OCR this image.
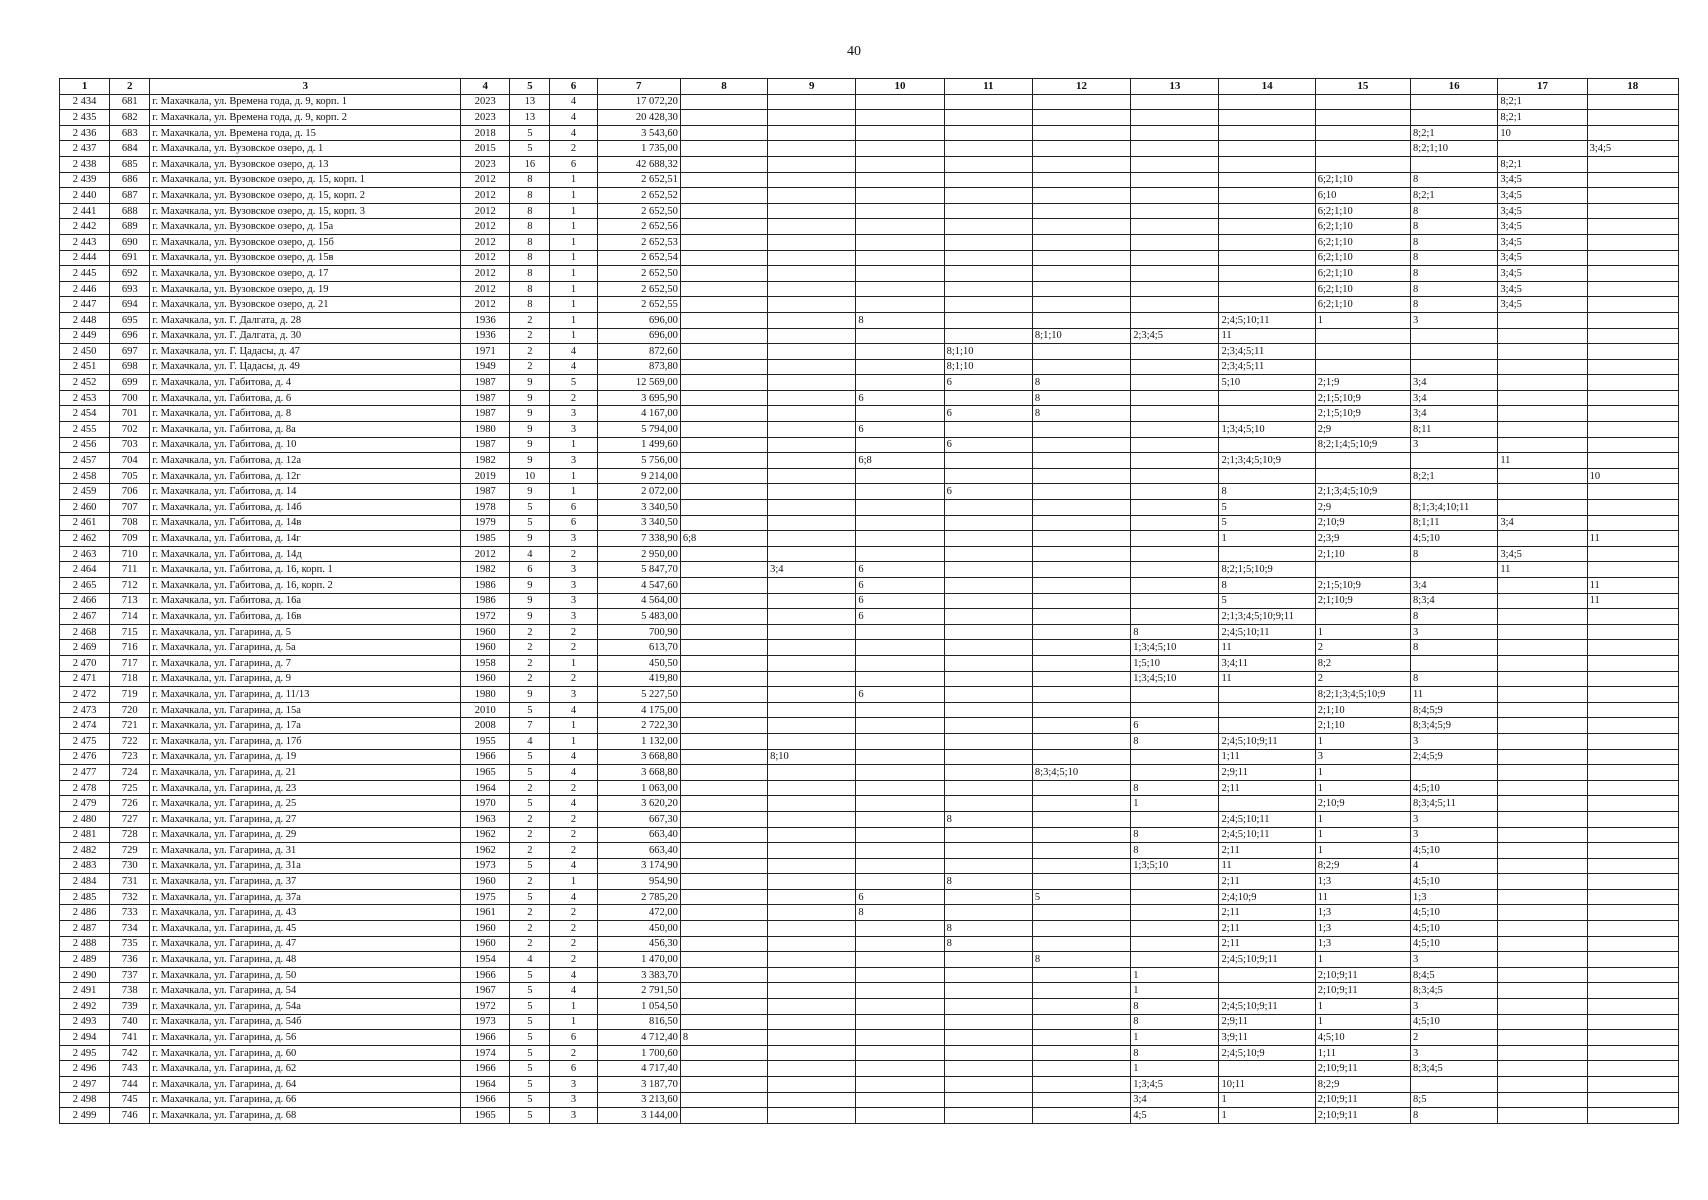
40
1	2	3	4	5	6	7	8	9	10	11	12	13	14	15	16	17	18
2 434	681	г. Махачкала, ул. Времена года, д. 9, корп. 1	2023	13	4	17 072,20										8;2;1	
2 435	682	г. Махачкала, ул. Времена года, д. 9, корп. 2	2023	13	4	20 428,30										8;2;1	
2 436	683	г. Махачкала, ул. Времена года, д. 15	2018	5	4	3 543,60									8;2;1	10	
2 437	684	г. Махачкала, ул. Вузовское озеро, д. 1	2015	5	2	1 735,00									8;2;1;10		3;4;5
2 438	685	г. Махачкала, ул. Вузовское озеро, д. 13	2023	16	6	42 688,32										8;2;1	
2 439	686	г. Махачкала, ул. Вузовское озеро, д. 15, корп. 1	2012	8	1	2 652,51								6;2;1;10	8	3;4;5	
2 440	687	г. Махачкала, ул. Вузовское озеро, д. 15, корп. 2	2012	8	1	2 652,52								6;10	8;2;1	3;4;5	
2 441	688	г. Махачкала, ул. Вузовское озеро, д. 15, корп. 3	2012	8	1	2 652,50								6;2;1;10	8	3;4;5	
2 442	689	г. Махачкала, ул. Вузовское озеро, д. 15а	2012	8	1	2 652,56								6;2;1;10	8	3;4;5	
2 443	690	г. Махачкала, ул. Вузовское озеро, д. 15б	2012	8	1	2 652,53								6;2;1;10	8	3;4;5	
2 444	691	г. Махачкала, ул. Вузовское озеро, д. 15в	2012	8	1	2 652,54								6;2;1;10	8	3;4;5	
2 445	692	г. Махачкала, ул. Вузовское озеро, д. 17	2012	8	1	2 652,50								6;2;1;10	8	3;4;5	
2 446	693	г. Махачкала, ул. Вузовское озеро, д. 19	2012	8	1	2 652,50								6;2;1;10	8	3;4;5	
2 447	694	г. Махачкала, ул. Вузовское озеро, д. 21	2012	8	1	2 652,55								6;2;1;10	8	3;4;5	
2 448	695	г. Махачкала, ул. Г. Далгата, д. 28	1936	2	1	696,00			8				2;4;5;10;11	1	3		
2 449	696	г. Махачкала, ул. Г. Далгата, д. 30	1936	2	1	696,00					8;1;10	2;3;4;5	11				
2 450	697	г. Махачкала, ул. Г. Цадасы, д. 47	1971	2	4	872,60				8;1;10			2;3;4;5;11				
2 451	698	г. Махачкала, ул. Г. Цадасы, д. 49	1949	2	4	873,80				8;1;10			2;3;4;5;11				
2 452	699	г. Махачкала, ул. Габитова, д. 4	1987	9	5	12 569,00				6	8		5;10	2;1;9	3;4		
2 453	700	г. Махачкала, ул. Габитова, д. 6	1987	9	2	3 695,90			6		8			2;1;5;10;9	3;4		
2 454	701	г. Махачкала, ул. Габитова, д. 8	1987	9	3	4 167,00				6	8			2;1;5;10;9	3;4		
2 455	702	г. Махачкала, ул. Габитова, д. 8а	1980	9	3	5 794,00			6				1;3;4;5;10	2;9	8;11		
2 456	703	г. Махачкала, ул. Габитова, д. 10	1987	9	1	1 499,60				6				8;2;1;4;5;10;9	3		
2 457	704	г. Махачкала, ул. Габитова, д. 12а	1982	9	3	5 756,00			6;8				2;1;3;4;5;10;9			11	
2 458	705	г. Махачкала, ул. Габитова, д. 12г	2019	10	1	9 214,00									8;2;1		10
2 459	706	г. Махачкала, ул. Габитова, д. 14	1987	9	1	2 072,00				6			8	2;1;3;4;5;10;9			
2 460	707	г. Махачкала, ул. Габитова, д. 14б	1978	5	6	3 340,50							5	2;9	8;1;3;4;10;11		
2 461	708	г. Махачкала, ул. Габитова, д. 14в	1979	5	6	3 340,50							5	2;10;9	8;1;11	3;4	
2 462	709	г. Махачкала, ул. Габитова, д. 14г	1985	9	3	7 338,90	6;8						1	2;3;9	4;5;10		11
2 463	710	г. Махачкала, ул. Габитова, д. 14д	2012	4	2	2 950,00								2;1;10	8	3;4;5	
2 464	711	г. Махачкала, ул. Габитова, д. 16, корп. 1	1982	6	3	5 847,70		3;4	6				8;2;1;5;10;9			11	
2 465	712	г. Махачкала, ул. Габитова, д. 16, корп. 2	1986	9	3	4 547,60			6				8	2;1;5;10;9	3;4		11
2 466	713	г. Махачкала, ул. Габитова, д. 16а	1986	9	3	4 564,00			6				5	2;1;10;9	8;3;4		11
2 467	714	г. Махачкала, ул. Габитова, д. 16в	1972	9	3	5 483,00			6				2;1;3;4;5;10;9;11		8		
2 468	715	г. Махачкала, ул. Гагарина, д. 5	1960	2	2	700,90						8	2;4;5;10;11	1	3		
2 469	716	г. Махачкала, ул. Гагарина, д. 5а	1960	2	2	613,70						1;3;4;5;10	11	2	8		
2 470	717	г. Махачкала, ул. Гагарина, д. 7	1958	2	1	450,50						1;5;10	3;4;11	8;2			
2 471	718	г. Махачкала, ул. Гагарина, д. 9	1960	2	2	419,80						1;3;4;5;10	11	2	8		
2 472	719	г. Махачкала, ул. Гагарина, д. 11/13	1980	9	3	5 227,50			6					8;2;1;3;4;5;10;9	11		
2 473	720	г. Махачкала, ул. Гагарина, д. 15а	2010	5	4	4 175,00								2;1;10	8;4;5;9		
2 474	721	г. Махачкала, ул. Гагарина, д. 17а	2008	7	1	2 722,30						6		2;1;10	8;3;4;5;9		
2 475	722	г. Махачкала, ул. Гагарина, д. 17б	1955	4	1	1 132,00						8	2;4;5;10;9;11	1	3		
2 476	723	г. Махачкала, ул. Гагарина, д. 19	1966	5	4	3 668,80		8;10					1;11	3	2;4;5;9		
2 477	724	г. Махачкала, ул. Гагарина, д. 21	1965	5	4	3 668,80					8;3;4;5;10		2;9;11	1			
2 478	725	г. Махачкала, ул. Гагарина, д. 23	1964	2	2	1 063,00						8	2;11	1	4;5;10		
2 479	726	г. Махачкала, ул. Гагарина, д. 25	1970	5	4	3 620,20						1		2;10;9	8;3;4;5;11		
2 480	727	г. Махачкала, ул. Гагарина, д. 27	1963	2	2	667,30				8			2;4;5;10;11	1	3		
2 481	728	г. Махачкала, ул. Гагарина, д. 29	1962	2	2	663,40						8	2;4;5;10;11	1	3		
2 482	729	г. Махачкала, ул. Гагарина, д. 31	1962	2	2	663,40						8	2;11	1	4;5;10		
2 483	730	г. Махачкала, ул. Гагарина, д. 31а	1973	5	4	3 174,90						1;3;5;10	11	8;2;9	4		
2 484	731	г. Махачкала, ул. Гагарина, д. 37	1960	2	1	954,90				8			2;11	1;3	4;5;10		
2 485	732	г. Махачкала, ул. Гагарина, д. 37а	1975	5	4	2 785,20			6		5		2;4;10;9	11	1;3		
2 486	733	г. Махачкала, ул. Гагарина, д. 43	1961	2	2	472,00			8				2;11	1;3	4;5;10		
2 487	734	г. Махачкала, ул. Гагарина, д. 45	1960	2	2	450,00				8			2;11	1;3	4;5;10		
2 488	735	г. Махачкала, ул. Гагарина, д. 47	1960	2	2	456,30				8			2;11	1;3	4;5;10		
2 489	736	г. Махачкала, ул. Гагарина, д. 48	1954	4	2	1 470,00					8		2;4;5;10;9;11	1	3		
2 490	737	г. Махачкала, ул. Гагарина, д. 50	1966	5	4	3 383,70						1		2;10;9;11	8;4;5		
2 491	738	г. Махачкала, ул. Гагарина, д. 54	1967	5	4	2 791,50						1		2;10;9;11	8;3;4;5		
2 492	739	г. Махачкала, ул. Гагарина, д. 54а	1972	5	1	1 054,50						8	2;4;5;10;9;11	1	3		
2 493	740	г. Махачкала, ул. Гагарина, д. 54б	1973	5	1	816,50						8	2;9;11	1	4;5;10		
2 494	741	г. Махачкала, ул. Гагарина, д. 56	1966	5	6	4 712,40	8					1	3;9;11	4;5;10	2		
2 495	742	г. Махачкала, ул. Гагарина, д. 60	1974	5	2	1 700,60						8	2;4;5;10;9	1;11	3		
2 496	743	г. Махачкала, ул. Гагарина, д. 62	1966	5	6	4 717,40						1		2;10;9;11	8;3;4;5		
2 497	744	г. Махачкала, ул. Гагарина, д. 64	1964	5	3	3 187,70						1;3;4;5	10;11	8;2;9			
2 498	745	г. Махачкала, ул. Гагарина, д. 66	1966	5	3	3 213,60						3;4	1	2;10;9;11	8;5		
2 499	746	г. Махачкала, ул. Гагарина, д. 68	1965	5	3	3 144,00						4;5	1	2;10;9;11	8		
